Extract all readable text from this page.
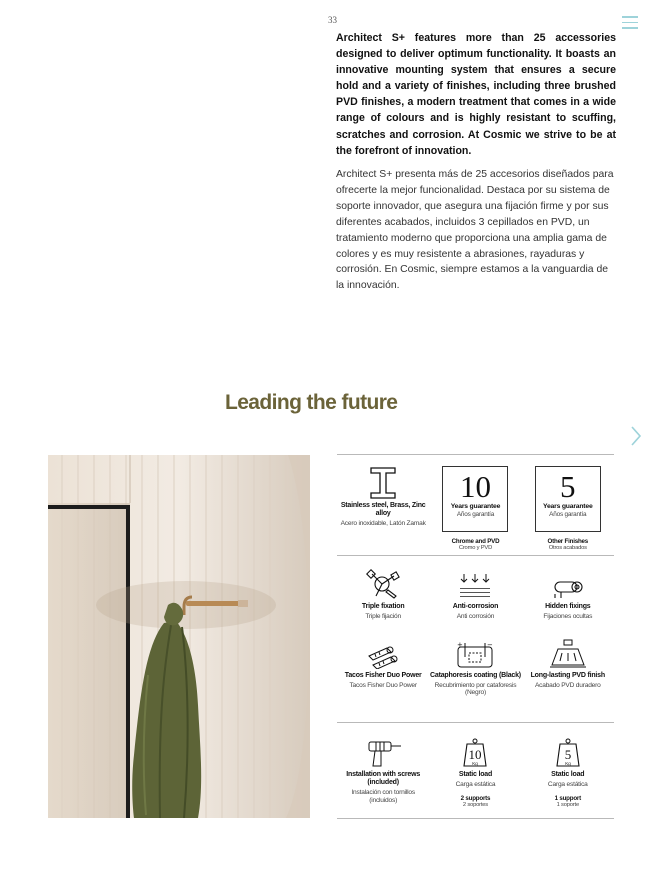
33

Architect S+ features more than 25 accessories designed to deliver optimum functionality. It boasts an innovative mounting system that ensures a secure hold and a variety of finishes, including three brushed PVD finishes, a modern treatment that comes in a wide range of colours and is highly resistant to scuffing, scratches and corrosion. At Cosmic we strive to be at the forefront of innovation.

Architect S+ presenta más de 25 accesorios diseñados para ofrecerte la mejor funcionalidad. Destaca por su sistema de soporte innovador, que asegura una fijación firme y por sus diferentes acabados, incluidos 3 cepillados en PVD, un tratamiento moderno que proporciona una amplia gama de colores y es muy resistente a abrasiones, rayaduras y corrosión. En Cosmic, siempre estamos a la vanguardia de la innovación.

Leading the future
Stainless steel, Brass, Zinc alloy
Acero inoxidable, Latón Zamak
10
Years guarantee
Años garantía
Chrome and PVD
Cromo y PVD
5
Years guarantee
Años garantía
Other Finishes
Otros acabados
Triple fixation
Triple fijación
Anti-corrosion
Anti corrosión
Hidden fixings
Fijaciones ocultas
Tacos Fisher Duo Power
Tacos Fisher Duo Power
+	−
Cataphoresis coating (Black)
Recubrimiento por cataforesis (Negro)
Long-lasting PVD finish
Acabado PVD duradero
Installation with screws (included)
Instalación con tornillos (incluidos)
10
Kg
Static load
Carga estática
2 supports
2 soportes
5
Kg
Static load
Carga estática
1 support
1 soporte
